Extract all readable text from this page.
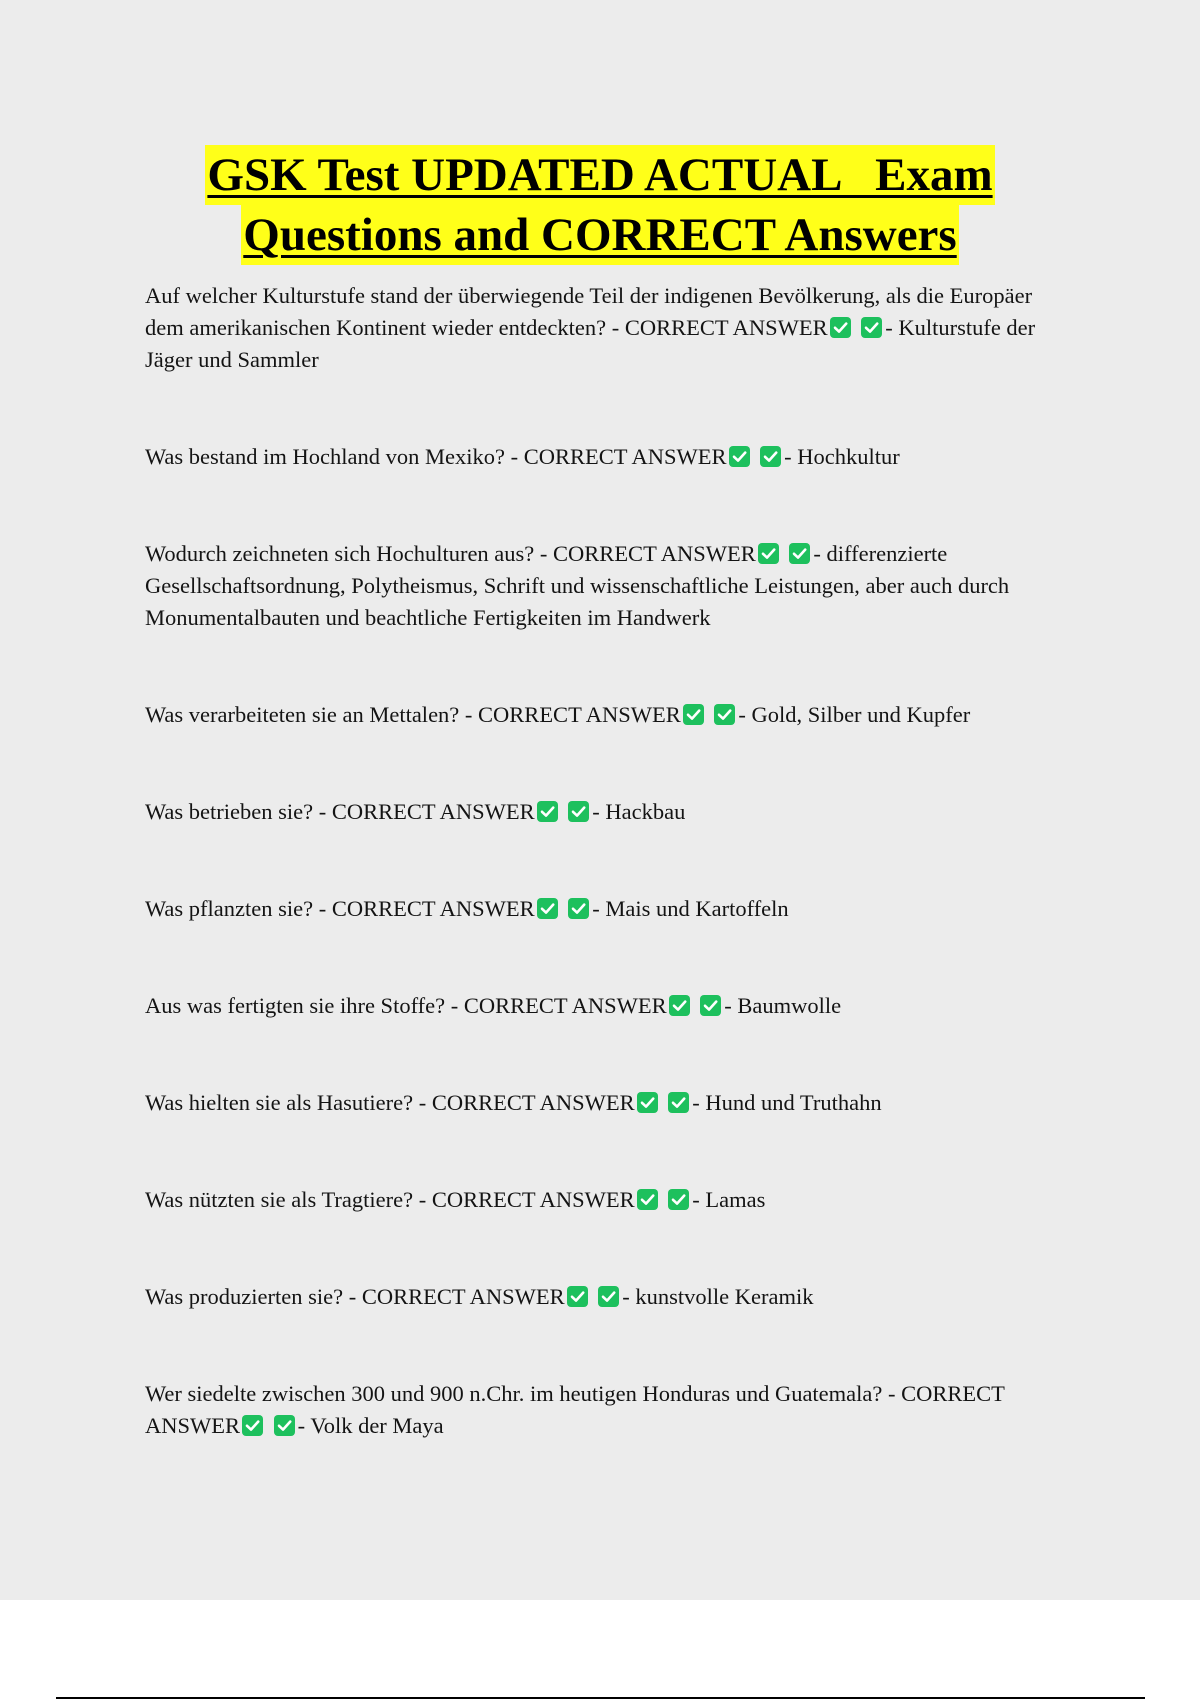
GSK Test UPDATED ACTUAL   Exam
Questions and CORRECT Answers
Auf welcher Kulturstufe stand der überwiegende Teil der indigenen Bevölkerung, als die Europäer dem amerikanischen Kontinent wieder entdeckten? - CORRECT ANSWER
	- Kulturstufe der Jäger und Sammler
Was bestand im Hochland von Mexiko? - CORRECT ANSWER
	- Hochkultur
Wodurch zeichneten sich Hochulturen aus? - CORRECT ANSWER
	- differenzierte Gesellschaftsordnung, Polytheismus, Schrift und wissenschaftliche Leistungen, aber auch durch Monumentalbauten und beachtliche Fertigkeiten im Handwerk
Was verarbeiteten sie an Mettalen? - CORRECT ANSWER
	- Gold, Silber und Kupfer
Was betrieben sie? - CORRECT ANSWER
	- Hackbau
Was pflanzten sie? - CORRECT ANSWER
	- Mais und Kartoffeln
Aus was fertigten sie ihre Stoffe? - CORRECT ANSWER
	- Baumwolle
Was hielten sie als Hasutiere? - CORRECT ANSWER
	- Hund und Truthahn
Was nützten sie als Tragtiere? - CORRECT ANSWER
	- Lamas
Was produzierten sie? - CORRECT ANSWER
	- kunstvolle Keramik
Wer siedelte zwischen 300 und 900 n.Chr. im heutigen Honduras und Guatemala? - CORRECT ANSWER
	- Volk der Maya
